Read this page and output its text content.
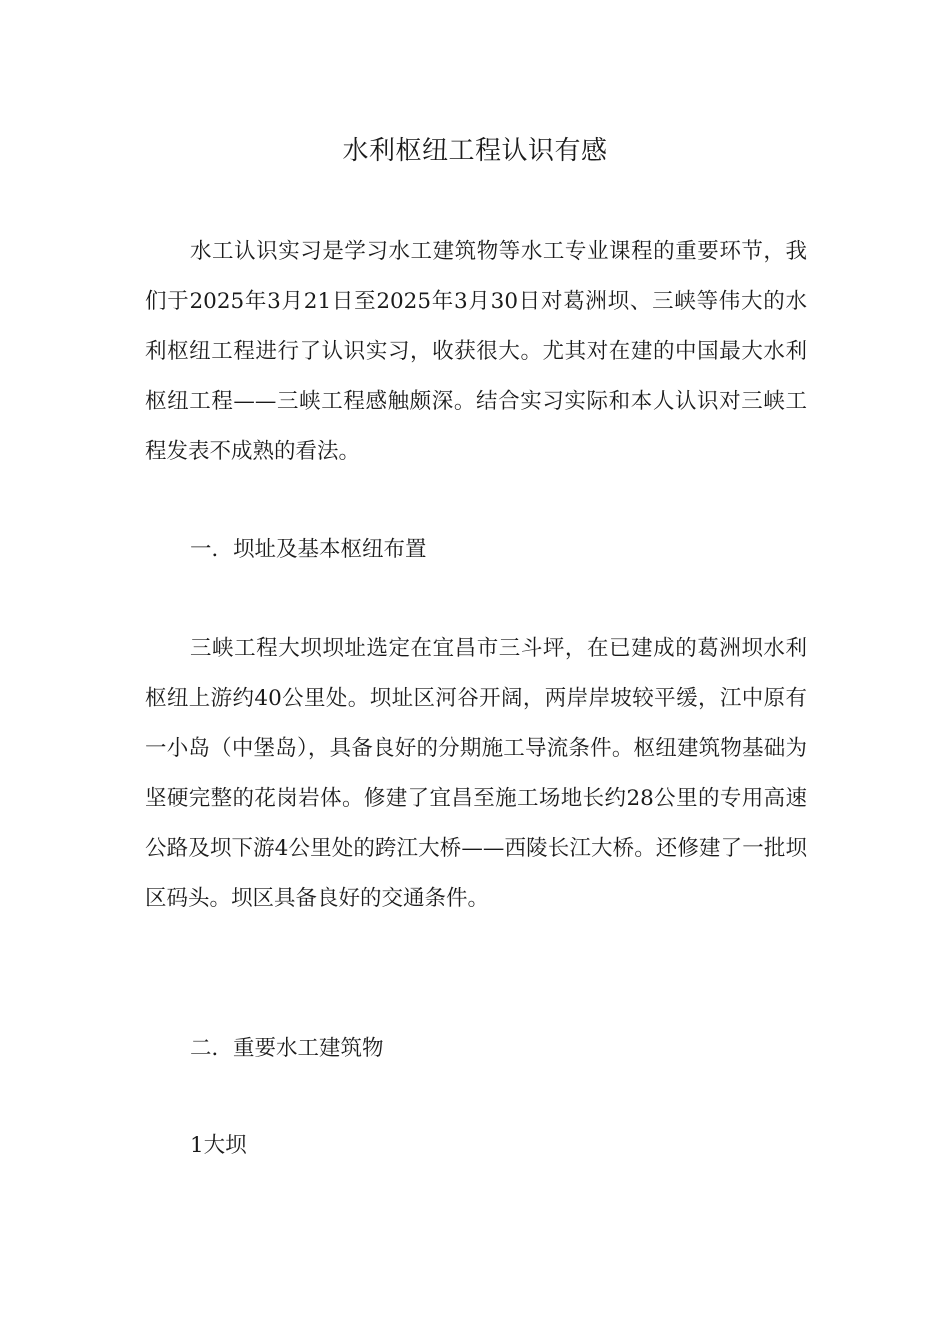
水利枢纽工程认识有感

水工认识实习是学习水工建筑物等水工专业课程的重要环节，我们于2025年3月21日至2025年3月30日对葛洲坝、三峡等伟大的水利枢纽工程进行了认识实习，收获很大。尤其对在建的中国最大水利枢纽工程——三峡工程感触颇深。结合实习实际和本人认识对三峡工程发表不成熟的看法。

一．坝址及基本枢纽布置

三峡工程大坝坝址选定在宜昌市三斗坪，在已建成的葛洲坝水利枢纽上游约40公里处。坝址区河谷开阔，两岸岸坡较平缓，江中原有一小岛（中堡岛），具备良好的分期施工导流条件。枢纽建筑物基础为坚硬完整的花岗岩体。修建了宜昌至施工场地长约28公里的专用高速公路及坝下游4公里处的跨江大桥——西陵长江大桥。还修建了一批坝区码头。坝区具备良好的交通条件。

二．重要水工建筑物
1大坝
